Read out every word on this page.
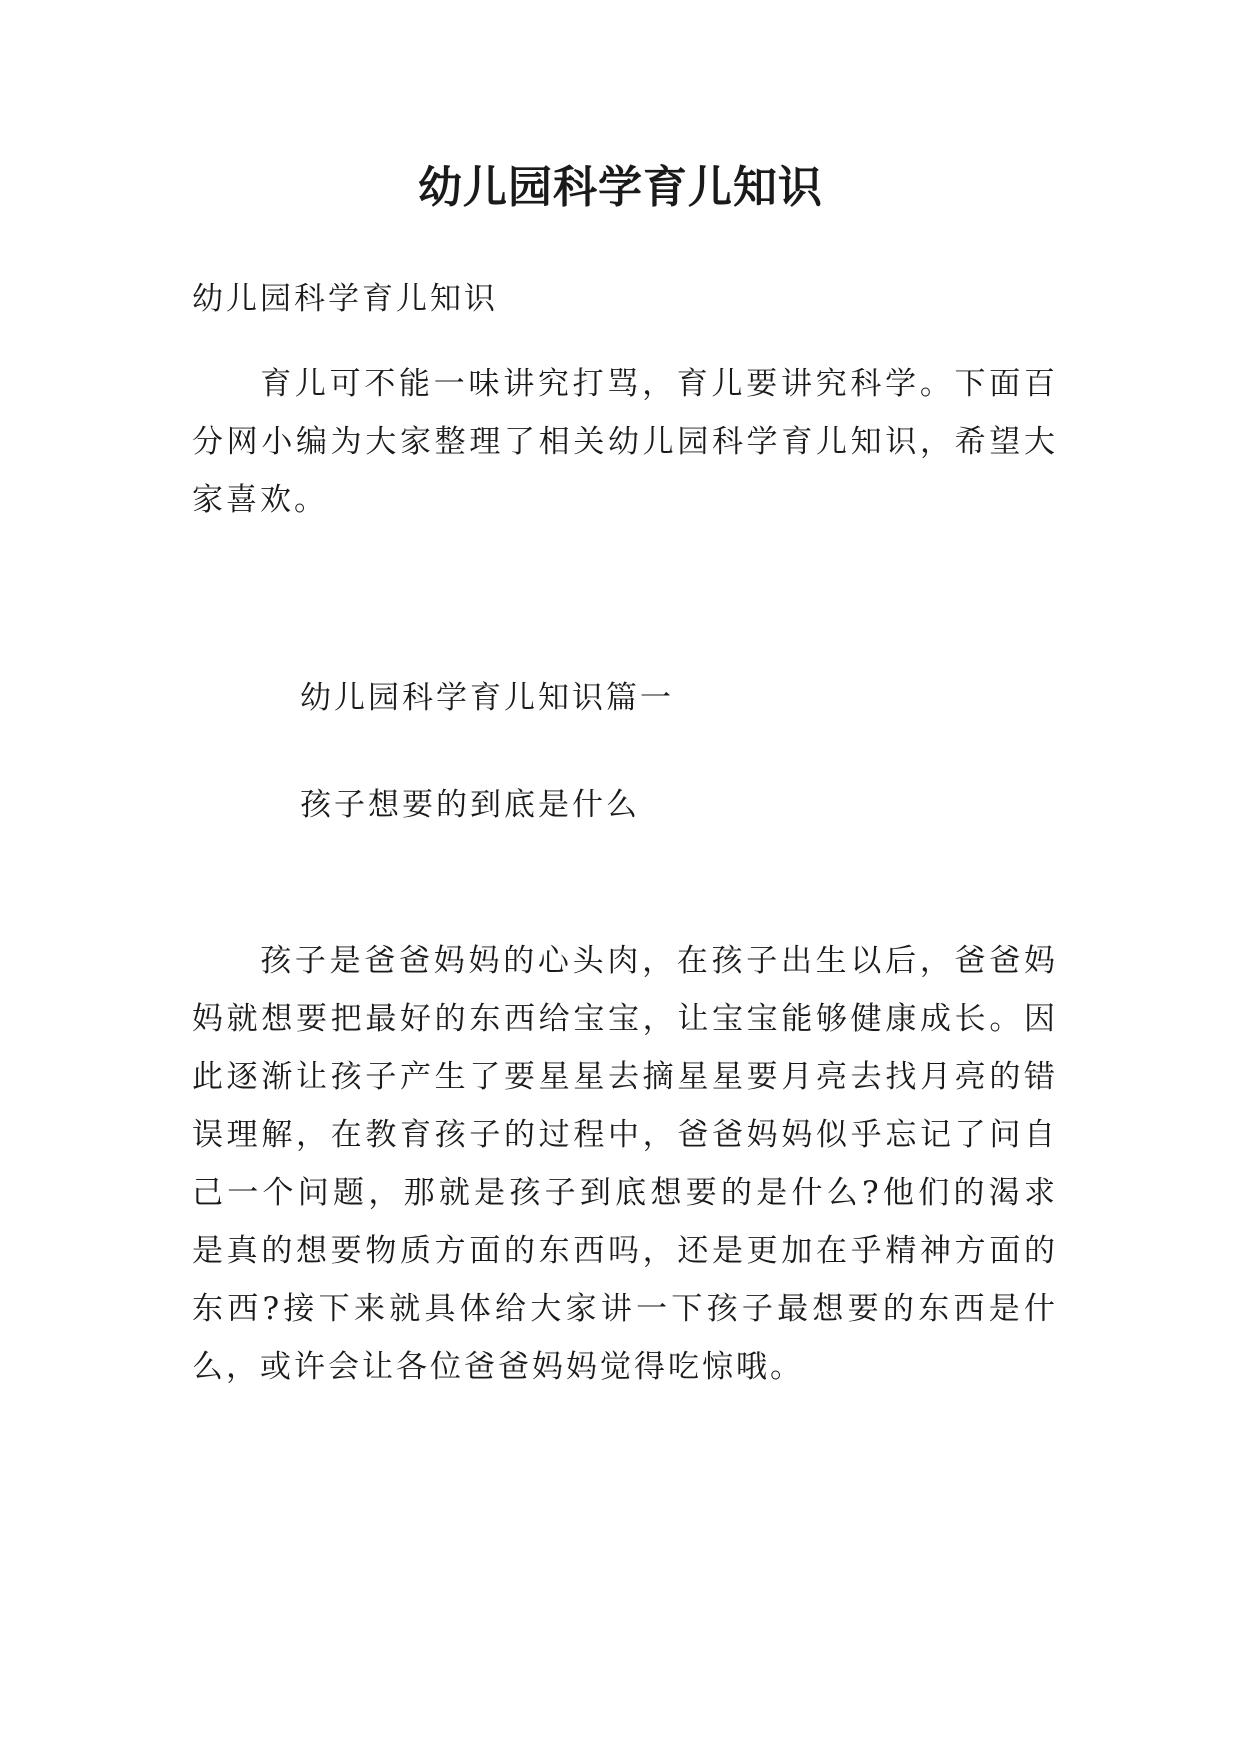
幼儿园科学育儿知识
幼儿园科学育儿知识
育儿可不能一味讲究打骂，育儿要讲究科学。下面百分网小编为大家整理了相关幼儿园科学育儿知识，希望大家喜欢。
幼儿园科学育儿知识篇一
孩子想要的到底是什么
孩子是爸爸妈妈的心头肉，在孩子出生以后，爸爸妈妈就想要把最好的东西给宝宝，让宝宝能够健康成长。因此逐渐让孩子产生了要星星去摘星星要月亮去找月亮的错误理解，在教育孩子的过程中，爸爸妈妈似乎忘记了问自己一个问题，那就是孩子到底想要的是什么?他们的渴求是真的想要物质方面的东西吗，还是更加在乎精神方面的东西?接下来就具体给大家讲一下孩子最想要的东西是什么，或许会让各位爸爸妈妈觉得吃惊哦。
